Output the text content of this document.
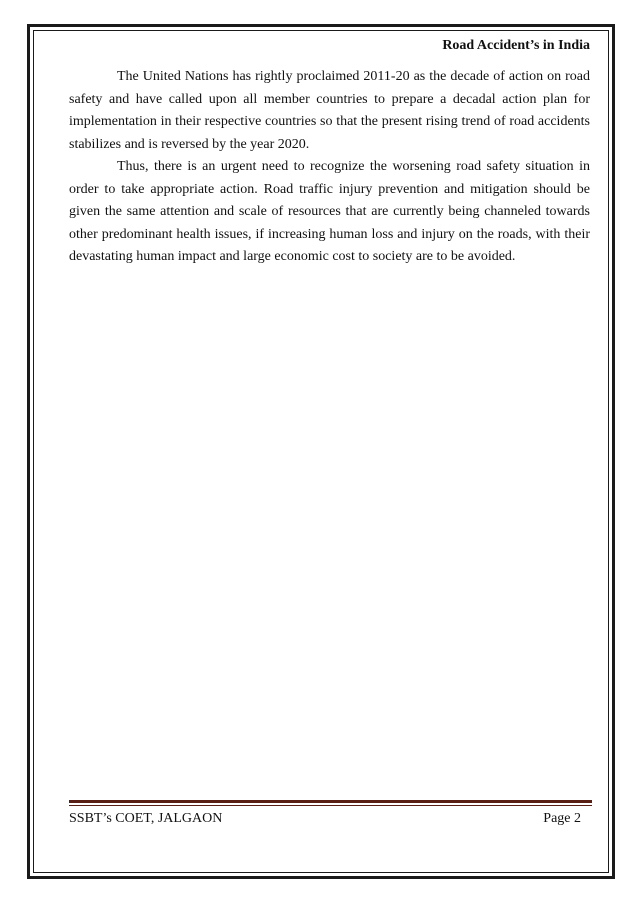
Road Accident’s in India

The United Nations has rightly proclaimed 2011-20 as the decade of action on road safety and have called upon all member countries to prepare a decadal action plan for implementation in their respective countries so that the present rising trend of road accidents stabilizes and is reversed by the year 2020.

Thus, there is an urgent need to recognize the worsening road safety situation in order to take appropriate action. Road traffic injury prevention and mitigation should be given the same attention and scale of resources that are currently being channeled towards other predominant health issues, if increasing human loss and injury on the roads, with their devastating human impact and large economic cost to society are to be avoided.

SSBT’s COET, JALGAON	Page 2
